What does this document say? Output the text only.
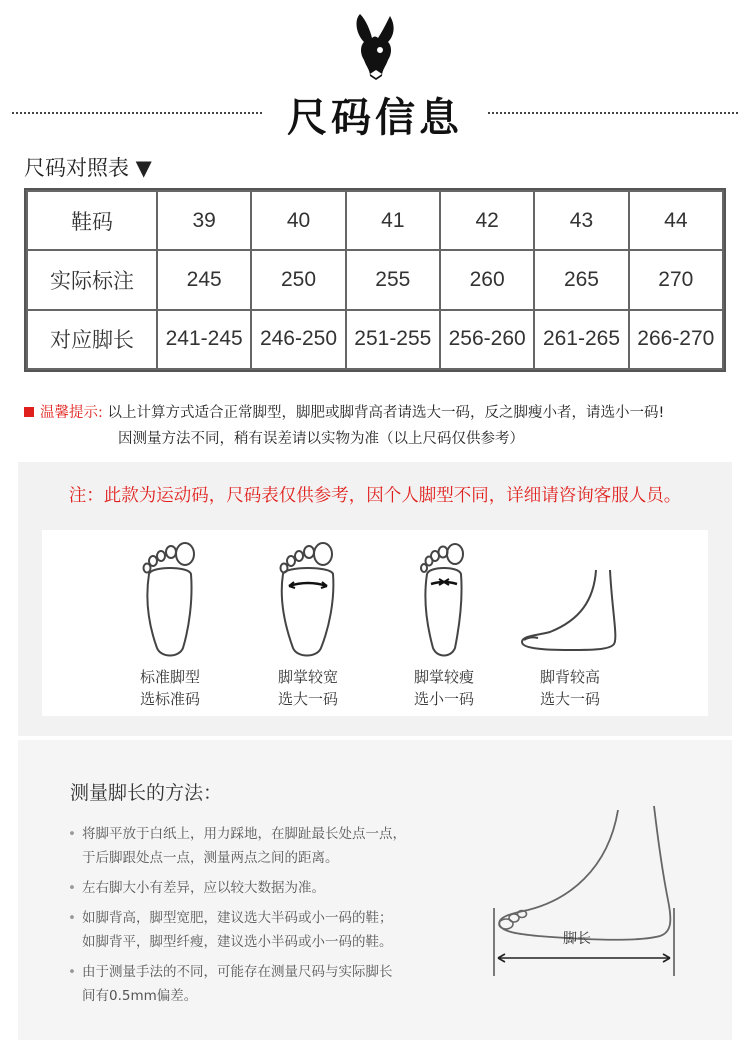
尺码信息
尺码对照表 ▼
鞋码	39	40	41	42	43	44
实际标注	245	250	255	260	265	270
对应脚长	241-245	246-250	251-255	256-260	261-265	266-270
温馨提示: 以上计算方式适合正常脚型，脚肥或脚背高者请选大一码，反之脚瘦小者，请选小一码!
因测量方法不同，稍有误差请以实物为准（以上尺码仅供参考）
注：此款为运动码，尺码表仅供参考，因个人脚型不同，详细请咨询客服人员。
标准脚型
选标准码
脚掌较宽
选大一码
脚掌较瘦
选小一码
脚背较高
选大一码
测量脚长的方法：
• 将脚平放于白纸上，用力踩地，在脚趾最长处点一点，
于后脚跟处点一点，测量两点之间的距离。
• 左右脚大小有差异，应以较大数据为准。
• 如脚背高，脚型宽肥，建议选大半码或小一码的鞋；
如脚背平，脚型纤瘦，建议选小半码或小一码的鞋。
• 由于测量手法的不同，可能存在测量尺码与实际脚长
间有0.5mm偏差。
脚长
